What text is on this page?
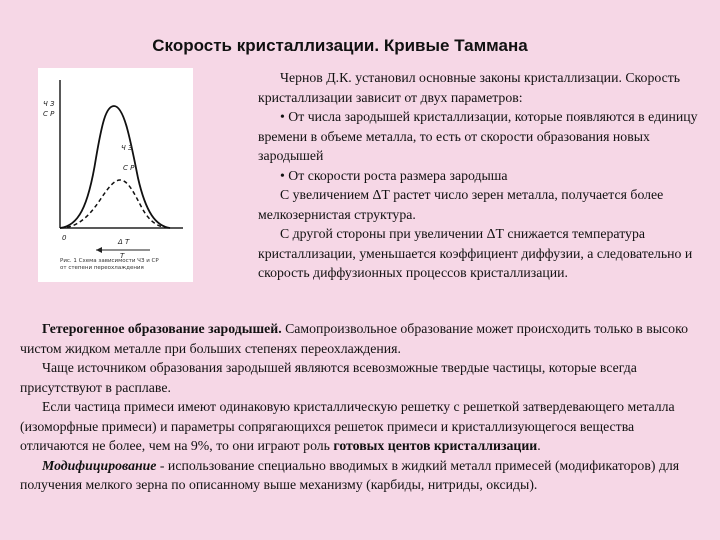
Скорость кристаллизации. Кривые Таммана
Ч З
С Р
Ч З
С Р
0	Δ Т
Т
Рис. 1 Схема зависимости ЧЗ и СР
от степени переохлаждения

Чернов Д.К. установил основные законы кристаллизации. Скорость кристаллизации зависит от двух параметров:

• От числа зародышей кристаллизации, которые появляются в единицу времени в объеме металла, то есть от скорости образования новых зародышей

• От скорости роста размера зародыша

С увеличением ΔТ растет число зерен металла, получается более мелкозернистая структура.

С другой стороны при увеличении ΔТ снижается температура кристаллизации, уменьшается коэффициент диффузии, а следовательно и скорость диффузионных процессов кристаллизации.

Гетерогенное образование зародышей. Самопроизвольное образование может происходить только в высоко чистом жидком металле при больших степенях переохлаждения.

Чаще источником образования зародышей являются всевозможные твердые частицы, которые всегда присутствуют в расплаве.

Если частица примеси имеют одинаковую кристаллическую решетку с решеткой затвердевающего металла (изоморфные примеси) и параметры сопрягающихся решеток примеси и кристаллизующегося вещества отличаются не более, чем на 9%, то они играют роль готовых центов кристаллизации.

Модифицирование - использование специально вводимых в жидкий металл примесей (модификаторов) для получения мелкого зерна по описанному выше механизму (карбиды, нитриды, оксиды).
